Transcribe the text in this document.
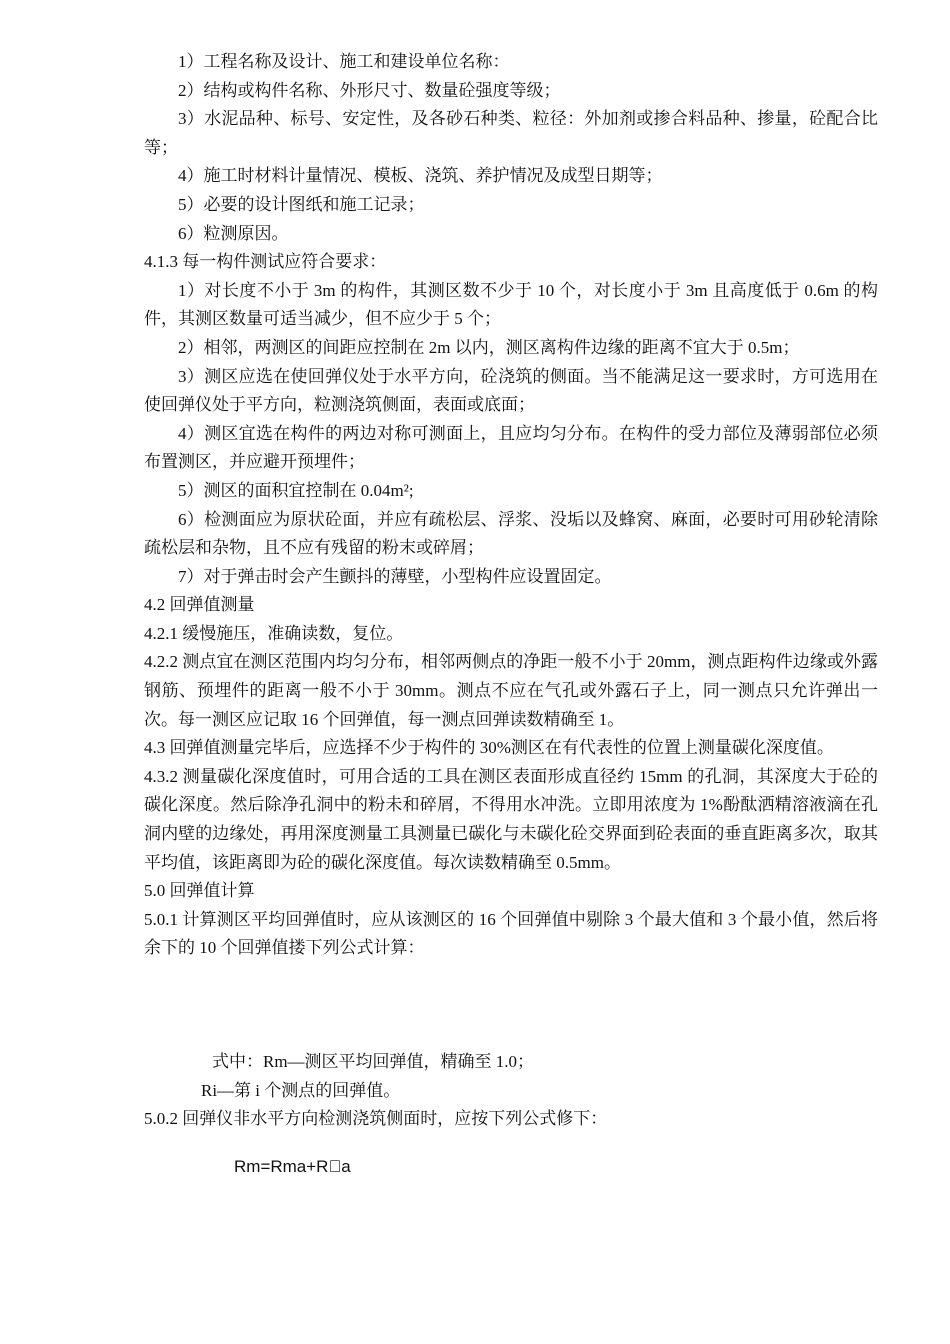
1）工程名称及设计、施工和建设单位名称：

2）结构或构件名称、外形尺寸、数量砼强度等级；

3）水泥品种、标号、安定性，及各砂石种类、粒径：外加剂或掺合料品种、掺量，砼配合比等；

4）施工时材料计量情况、模板、浇筑、养护情况及成型日期等；

5）必要的设计图纸和施工记录；

6）粒测原因。

4.1.3 每一构件测试应符合要求：

1）对长度不小于 3m 的构件，其测区数不少于 10 个，对长度小于 3m 且高度低于 0.6m 的构件，其测区数量可适当减少，但不应少于 5 个；

2）相邻，两测区的间距应控制在 2m 以内，测区离构件边缘的距离不宜大于 0.5m；

3）测区应选在使回弹仪处于水平方向，砼浇筑的侧面。当不能满足这一要求时，方可选用在使回弹仪处于平方向，粒测浇筑侧面，表面或底面；

4）测区宜选在构件的两边对称可测面上，且应均匀分布。在构件的受力部位及薄弱部位必须布置测区，并应避开预埋件；

5）测区的面积宜控制在 0.04m²;

6）检测面应为原状砼面，并应有疏松层、浮浆、没垢以及蜂窝、麻面，必要时可用砂轮清除疏松层和杂物，且不应有残留的粉末或碎屑；

7）对于弹击时会产生颤抖的薄壁，小型构件应设置固定。

4.2 回弹值测量

4.2.1 缓慢施压，准确读数，复位。

4.2.2 测点宜在测区范围内均匀分布，相邻两侧点的净距一般不小于 20mm，测点距构件边缘或外露钢筋、预埋件的距离一般不小于 30mm。测点不应在气孔或外露石子上，同一测点只允许弹出一次。每一测区应记取 16 个回弹值，每一测点回弹读数精确至 1。

4.3 回弹值测量完毕后，应选择不少于构件的 30%测区在有代表性的位置上测量碳化深度值。

4.3.2 测量碳化深度值时，可用合适的工具在测区表面形成直径约 15mm 的孔洞，其深度大于砼的碳化深度。然后除净孔洞中的粉未和碎屑，不得用水冲洗。立即用浓度为 1%酚酞洒精溶液滴在孔洞内壁的边缘处，再用深度测量工具测量已碳化与未碳化砼交界面到砼表面的垂直距离多次，取其平均值，该距离即为砼的碳化深度值。每次读数精确至 0.5mm。

5.0 回弹值计算

5.0.1 计算测区平均回弹值时，应从该测区的 16 个回弹值中剔除 3 个最大值和 3 个最小值，然后将余下的 10 个回弹值搂下列公式计算：

式中：Rm—测区平均回弹值，精确至 1.0；

Ri—第 i 个测点的回弹值。

5.0.2 回弹仪非水平方向检测浇筑侧面时，应按下列公式修下：

Rm=Rma+R a
